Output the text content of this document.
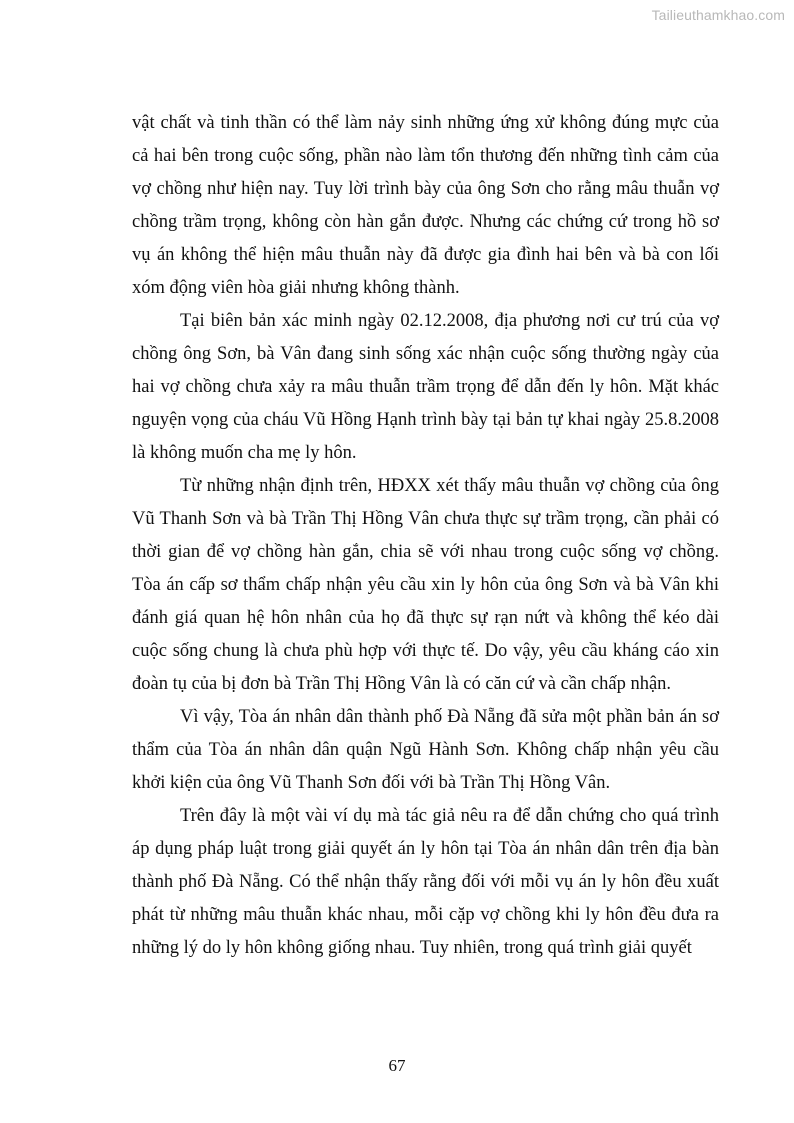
Tailieuthamkhao.com

vật chất và tinh thần có thể làm nảy sinh những ứng xử không đúng mực của cả hai bên trong cuộc sống, phần nào làm tổn thương đến những tình cảm của vợ chồng như hiện nay. Tuy lời trình bày của ông Sơn cho rằng mâu thuẫn vợ chồng trầm trọng, không còn hàn gắn được. Nhưng các chứng cứ trong hồ sơ vụ án không thể hiện mâu thuẫn này đã được gia đình hai bên và bà con lối xóm động viên hòa giải nhưng không thành.

Tại biên bản xác minh ngày 02.12.2008, địa phương nơi cư trú của vợ chồng ông Sơn, bà Vân đang sinh sống xác nhận cuộc sống thường ngày của hai vợ chồng chưa xảy ra mâu thuẫn trầm trọng để dẫn đến ly hôn. Mặt khác nguyện vọng của cháu Vũ Hồng Hạnh trình bày tại bản tự khai ngày 25.8.2008 là không muốn cha mẹ ly hôn.

Từ những nhận định trên, HĐXX xét thấy mâu thuẫn vợ chồng của ông Vũ Thanh Sơn và bà Trần Thị Hồng Vân chưa thực sự trầm trọng, cần phải có thời gian để vợ chồng hàn gắn, chia sẽ với nhau trong cuộc sống vợ chồng. Tòa án cấp sơ thẩm chấp nhận yêu cầu xin ly hôn của ông Sơn và bà Vân khi đánh giá quan hệ hôn nhân của họ đã thực sự rạn nứt và không thể kéo dài cuộc sống chung là chưa phù hợp với thực tế. Do vậy, yêu cầu kháng cáo xin đoàn tụ của bị đơn bà Trần Thị Hồng Vân là có căn cứ và cần chấp nhận.

Vì vậy, Tòa án nhân dân thành phố Đà Nẵng đã sửa một phần bản án sơ thẩm của Tòa án nhân dân quận Ngũ Hành Sơn. Không chấp nhận yêu cầu khởi kiện của ông Vũ Thanh Sơn đối với bà Trần Thị Hồng Vân.

Trên đây là một vài ví dụ mà tác giả nêu ra để dẫn chứng cho quá trình áp dụng pháp luật trong giải quyết án ly hôn tại Tòa án nhân dân trên địa bàn thành phố Đà Nẵng. Có thể nhận thấy rằng đối với mỗi vụ án ly hôn đều xuất phát từ những mâu thuẫn khác nhau, mỗi cặp vợ chồng khi ly hôn đều đưa ra những lý do ly hôn không giống nhau. Tuy nhiên, trong quá trình giải quyết

67
